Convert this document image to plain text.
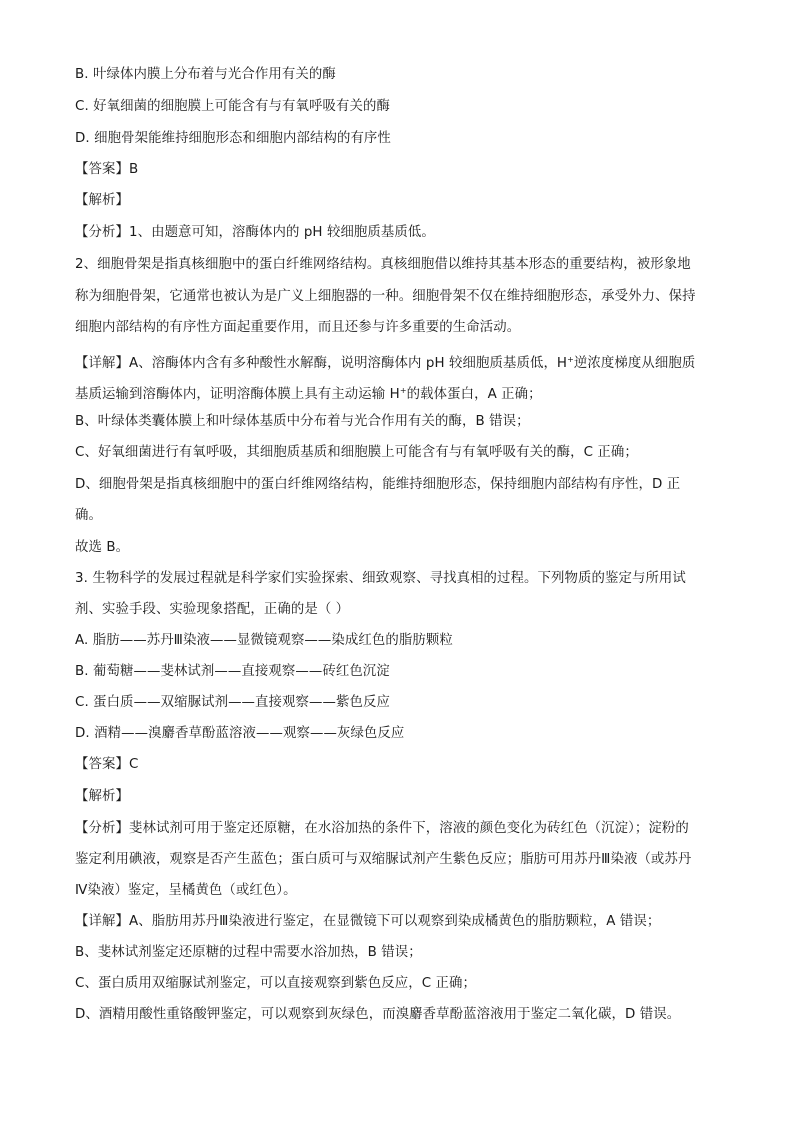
B. 叶绿体内膜上分布着与光合作用有关的酶
C. 好氧细菌的细胞膜上可能含有与有氧呼吸有关的酶
D. 细胞骨架能维持细胞形态和细胞内部结构的有序性
【答案】B
【解析】
【分析】1、由题意可知，溶酶体内的 pH 较细胞质基质低。
2、细胞骨架是指真核细胞中的蛋白纤维网络结构。真核细胞借以维持其基本形态的重要结构，被形象地
称为细胞骨架，它通常也被认为是广义上细胞器的一种。细胞骨架不仅在维持细胞形态，承受外力、保持
细胞内部结构的有序性方面起重要作用，而且还参与许多重要的生命活动。
【详解】A、溶酶体内含有多种酸性水解酶，说明溶酶体内 pH 较细胞质基质低，H+逆浓度梯度从细胞质
基质运输到溶酶体内，证明溶酶体膜上具有主动运输 H+的载体蛋白，A 正确；
B、叶绿体类囊体膜上和叶绿体基质中分布着与光合作用有关的酶，B 错误；
C、好氧细菌进行有氧呼吸，其细胞质基质和细胞膜上可能含有与有氧呼吸有关的酶，C 正确；
D、细胞骨架是指真核细胞中的蛋白纤维网络结构，能维持细胞形态，保持细胞内部结构有序性，D 正
确。
故选 B。
3. 生物科学的发展过程就是科学家们实验探索、细致观察、寻找真相的过程。下列物质的鉴定与所用试
剂、实验手段、实验现象搭配，正确的是（ ）
A. 脂肪——苏丹Ⅲ染液——显微镜观察——染成红色的脂肪颗粒
B. 葡萄糖——斐林试剂——直接观察——砖红色沉淀
C. 蛋白质——双缩脲试剂——直接观察——紫色反应
D. 酒精——溴麝香草酚蓝溶液——观察——灰绿色反应
【答案】C
【解析】
【分析】斐林试剂可用于鉴定还原糖，在水浴加热的条件下，溶液的颜色变化为砖红色（沉淀）；淀粉的
鉴定利用碘液，观察是否产生蓝色；蛋白质可与双缩脲试剂产生紫色反应；脂肪可用苏丹Ⅲ染液（或苏丹
Ⅳ染液）鉴定，呈橘黄色（或红色）。
【详解】A、脂肪用苏丹Ⅲ染液进行鉴定，在显微镜下可以观察到染成橘黄色的脂肪颗粒，A 错误；
B、斐林试剂鉴定还原糖的过程中需要水浴加热，B 错误；
C、蛋白质用双缩脲试剂鉴定，可以直接观察到紫色反应，C 正确；
D、酒精用酸性重铬酸钾鉴定，可以观察到灰绿色，而溴麝香草酚蓝溶液用于鉴定二氧化碳，D 错误。
